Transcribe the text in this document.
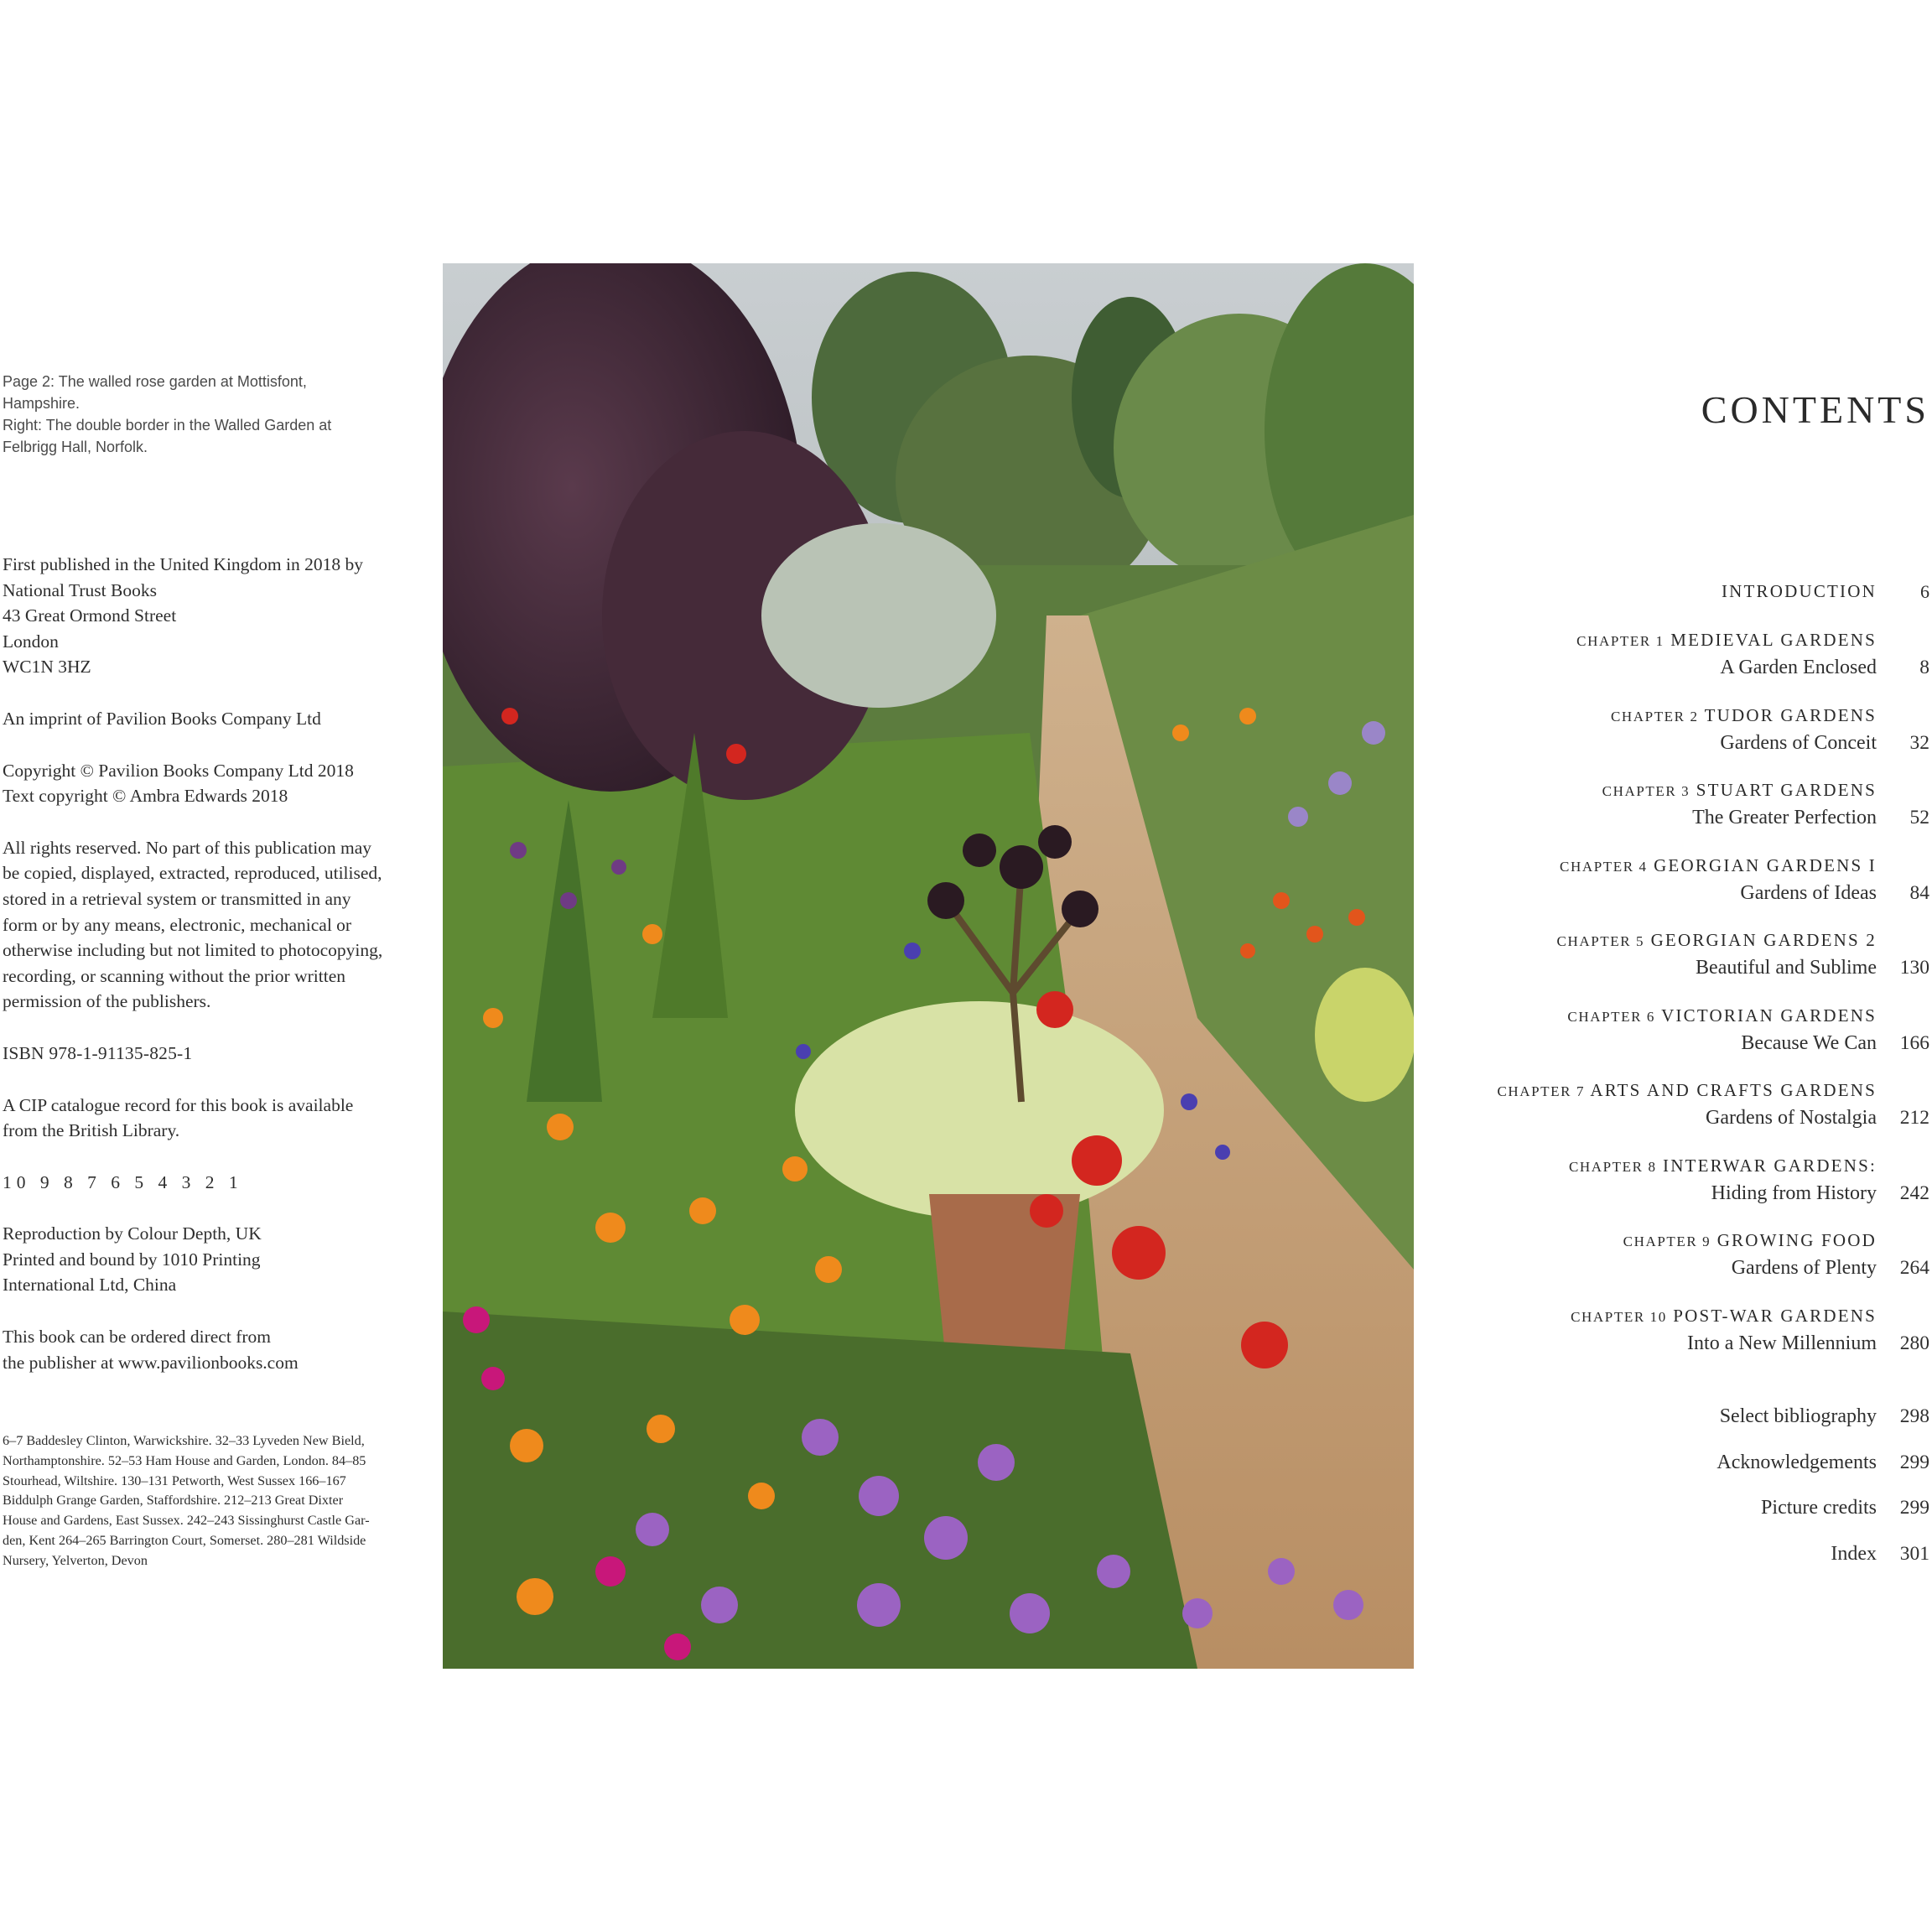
Page 2: The walled rose garden at Mottisfont,

Hampshire.

Right: The double border in the Walled Garden at

Felbrigg Hall, Norfolk.

First published in the United Kingdom in 2018 by
National Trust Books
43 Great Ormond Street
London
WC1N 3HZ
An imprint of Pavilion Books Company Ltd
Copyright © Pavilion Books Company Ltd 2018
Text copyright © Ambra Edwards 2018
All rights reserved. No part of this publication may
be copied, displayed, extracted, reproduced, utilised,
stored in a retrieval system or transmitted in any
form or by any means, electronic, mechanical or
otherwise including but not limited to photocopying,
recording, or scanning without the prior written
permission of the publishers.
ISBN 978-1-91135-825-1
A CIP catalogue record for this book is available
from the British Library.
10 9 8 7 6 5 4 3 2 1
Reproduction by Colour Depth, UK
Printed and bound by 1010 Printing
International Ltd, China
This book can be ordered direct from
the publisher at www.pavilionbooks.com
6–7 Baddesley Clinton, Warwickshire. 32–33 Lyveden New Bield,
Northamptonshire. 52–53 Ham House and Garden, London. 84–85
Stourhead, Wiltshire. 130–131 Petworth, West Sussex 166–167
Biddulph Grange Garden, Staffordshire. 212–213 Great Dixter
House and Gardens, East Sussex. 242–243 Sissinghurst Castle Gar-
den, Kent 264–265 Barrington Court, Somerset. 280–281 Wildside
Nursery, Yelverton, Devon
CONTENTS
INTRODUCTION	6
CHAPTER 1 MEDIEVAL GARDENS
A Garden Enclosed	8
CHAPTER 2 TUDOR GARDENS
Gardens of Conceit	32
CHAPTER 3 STUART GARDENS
The Greater Perfection	52
CHAPTER 4 GEORGIAN GARDENS I
Gardens of Ideas	84
CHAPTER 5 GEORGIAN GARDENS 2
Beautiful and Sublime	130
CHAPTER 6 VICTORIAN GARDENS
Because We Can	166
CHAPTER 7 ARTS AND CRAFTS GARDENS
Gardens of Nostalgia	212
CHAPTER 8 INTERWAR GARDENS:
Hiding from History	242
CHAPTER 9 GROWING FOOD
Gardens of Plenty	264
CHAPTER 10 POST-WAR GARDENS
Into a New Millennium	280
Select bibliography	298
Acknowledgements	299
Picture credits	299
Index	301
